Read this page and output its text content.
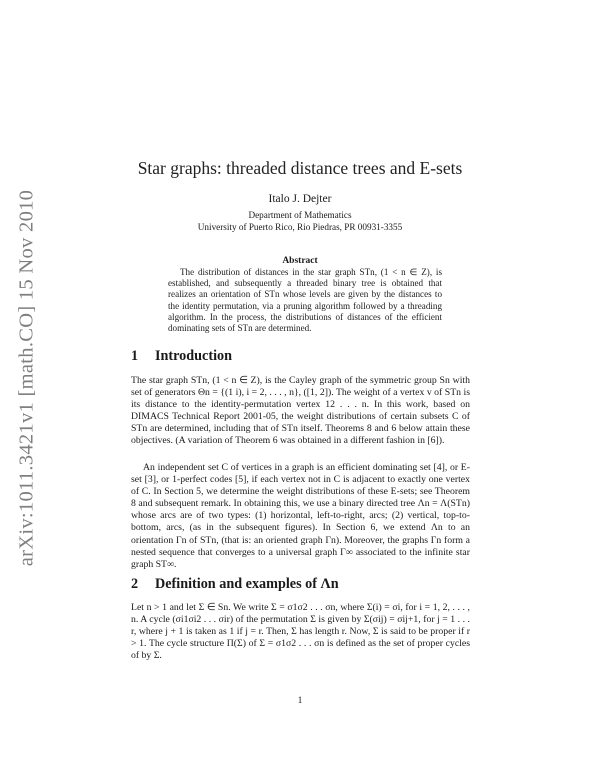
arXiv:1011.3421v1 [math.CO] 15 Nov 2010
Star graphs: threaded distance trees and E-sets
Italo J. Dejter
Department of Mathematics
University of Puerto Rico, Rio Piedras, PR 00931-3355
Abstract
The distribution of distances in the star graph STn, (1 < n ∈ Z), is established, and subsequently a threaded binary tree is obtained that realizes an orientation of STn whose levels are given by the distances to the identity permutation, via a pruning algorithm followed by a threading algorithm. In the process, the distributions of distances of the efficient dominating sets of STn are determined.
1 Introduction
The star graph STn, (1 < n ∈ Z), is the Cayley graph of the symmetric group Sn with set of generators Θn = {(1 i), i = 2, . . . , n}, ([1, 2]). The weight of a vertex v of STn is its distance to the identity-permutation vertex 12 . . . n. In this work, based on DIMACS Technical Report 2001-05, the weight distributions of certain subsets C of STn are determined, including that of STn itself. Theorems 8 and 6 below attain these objectives. (A variation of Theorem 6 was obtained in a different fashion in [6]).
An independent set C of vertices in a graph is an efficient dominating set [4], or E-set [3], or 1-perfect codes [5], if each vertex not in C is adjacent to exactly one vertex of C. In Section 5, we determine the weight distributions of these E-sets; see Theorem 8 and subsequent remark. In obtaining this, we use a binary directed tree Λn = Λ(STn) whose arcs are of two types: (1) horizontal, left-to-right, arcs; (2) vertical, top-to-bottom, arcs, (as in the subsequent figures). In Section 6, we extend Λn to an orientation Γn of STn, (that is: an oriented graph Γn). Moreover, the graphs Γn form a nested sequence that converges to a universal graph Γ∞ associated to the infinite star graph ST∞.
2 Definition and examples of Λn
Let n > 1 and let Σ ∈ Sn. We write Σ = σ1σ2 . . . σn, where Σ(i) = σi, for i = 1, 2, . . . , n. A cycle (σi1σi2 . . . σir) of the permutation Σ is given by Σ(σij) = σij+1, for j = 1 . . . r, where j + 1 is taken as 1 if j = r. Then, Σ has length r. Now, Σ is said to be proper if r > 1. The cycle structure Π(Σ) of Σ = σ1σ2 . . . σn is defined as the set of proper cycles of by Σ.
1
